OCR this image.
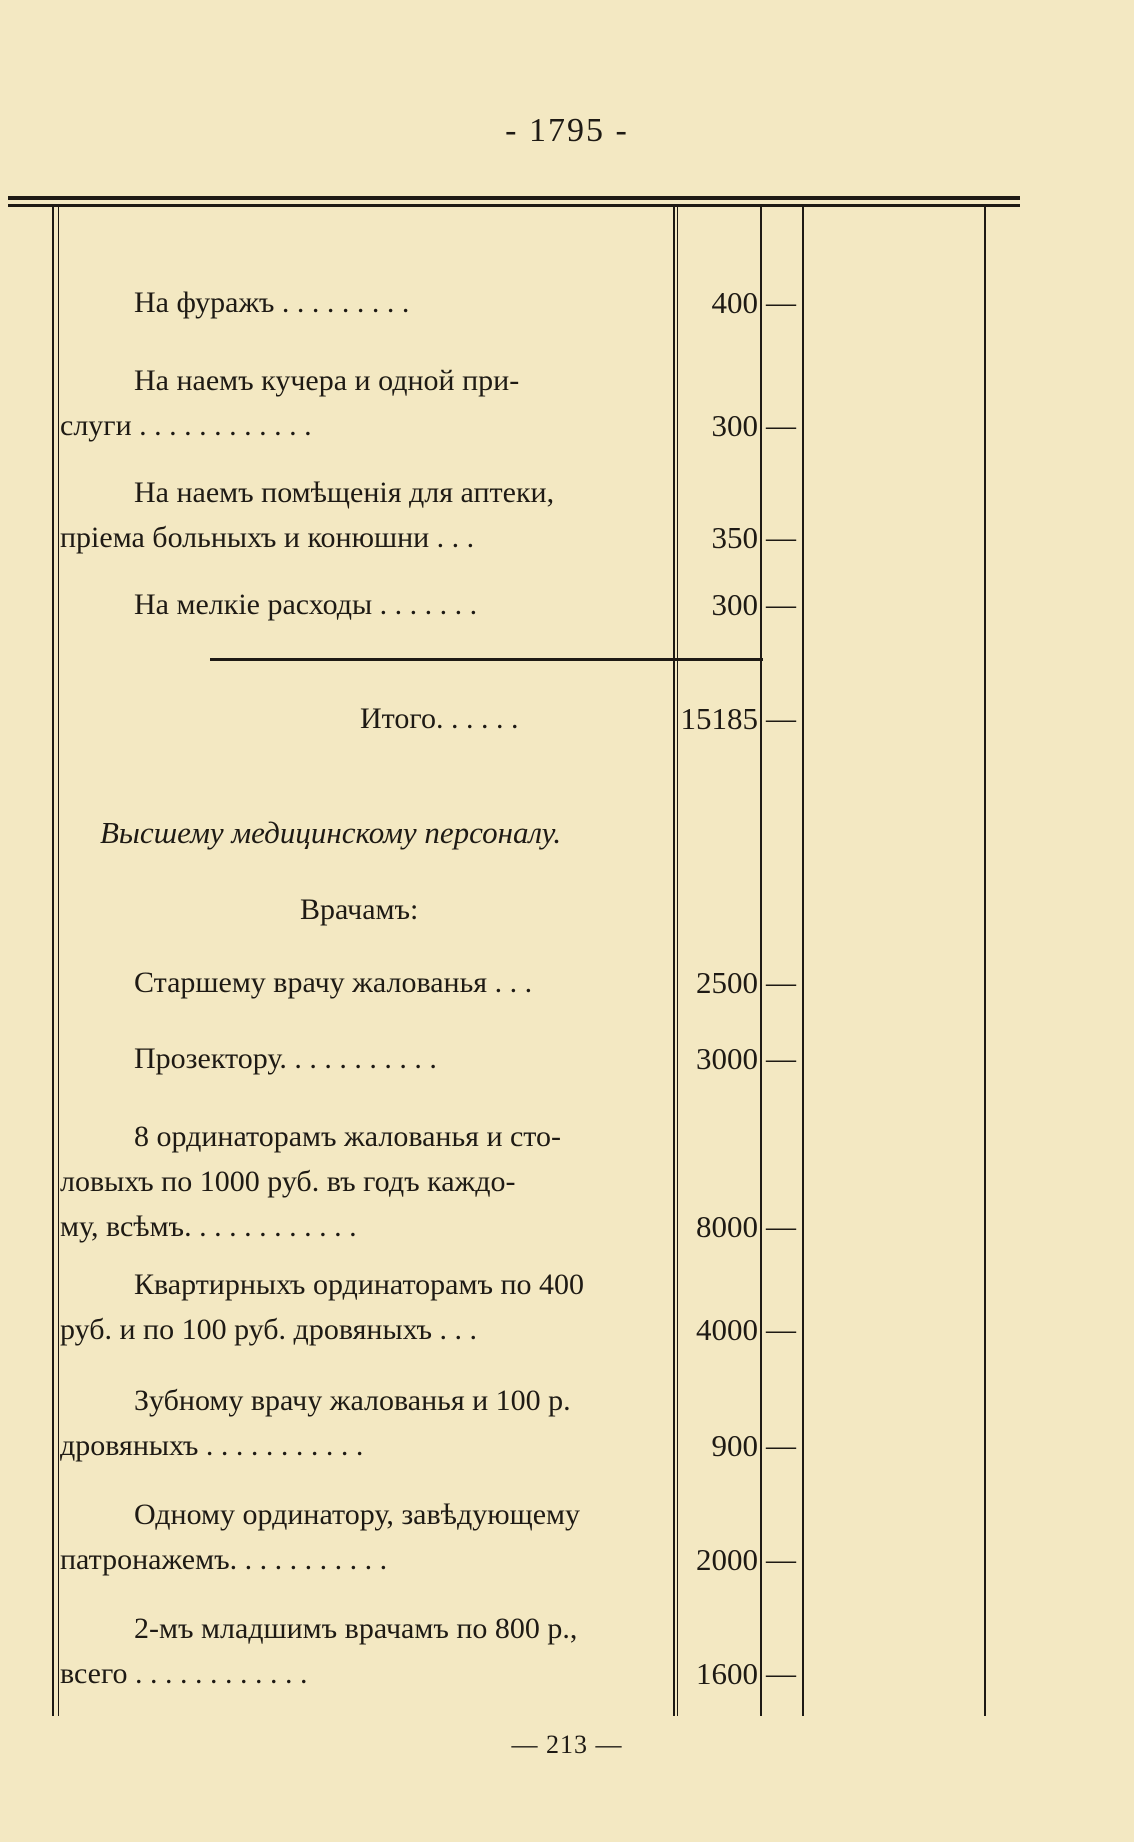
- 1795 -
На фуражъ . . . . . . . . .	400 —
На наемъ кучера и одной при-
слуги . . . . . . . . . . . .	300 —
На наемъ помѣщенія для аптеки,
пріема больныхъ и конюшни . . .	350 —
На мелкіе расходы . . . . . . .	300 —
Итого. . . . . .	15185 —
Высшему медицинскому персоналу.
Врачамъ:
Старшему врачу жалованья . . .	2500 —
Прозектору. . . . . . . . . . .	3000 —
8 ординаторамъ жалованья и сто-
ловыхъ по 1000 руб. въ годъ каждо-
му, всѣмъ. . . . . . . . . . . .	8000 —
Квартирныхъ ординаторамъ по 400
руб. и по 100 руб. дровяныхъ . . .	4000 —
Зубному врачу жалованья и 100 р.
дровяныхъ . . . . . . . . . . .	900 —
Одному ординатору, завѣдующему
патронажемъ. . . . . . . . . . .	2000 —
2-мъ младшимъ врачамъ по 800 р.,
всего . . . . . . . . . . . .	1600 —
— 213 —
